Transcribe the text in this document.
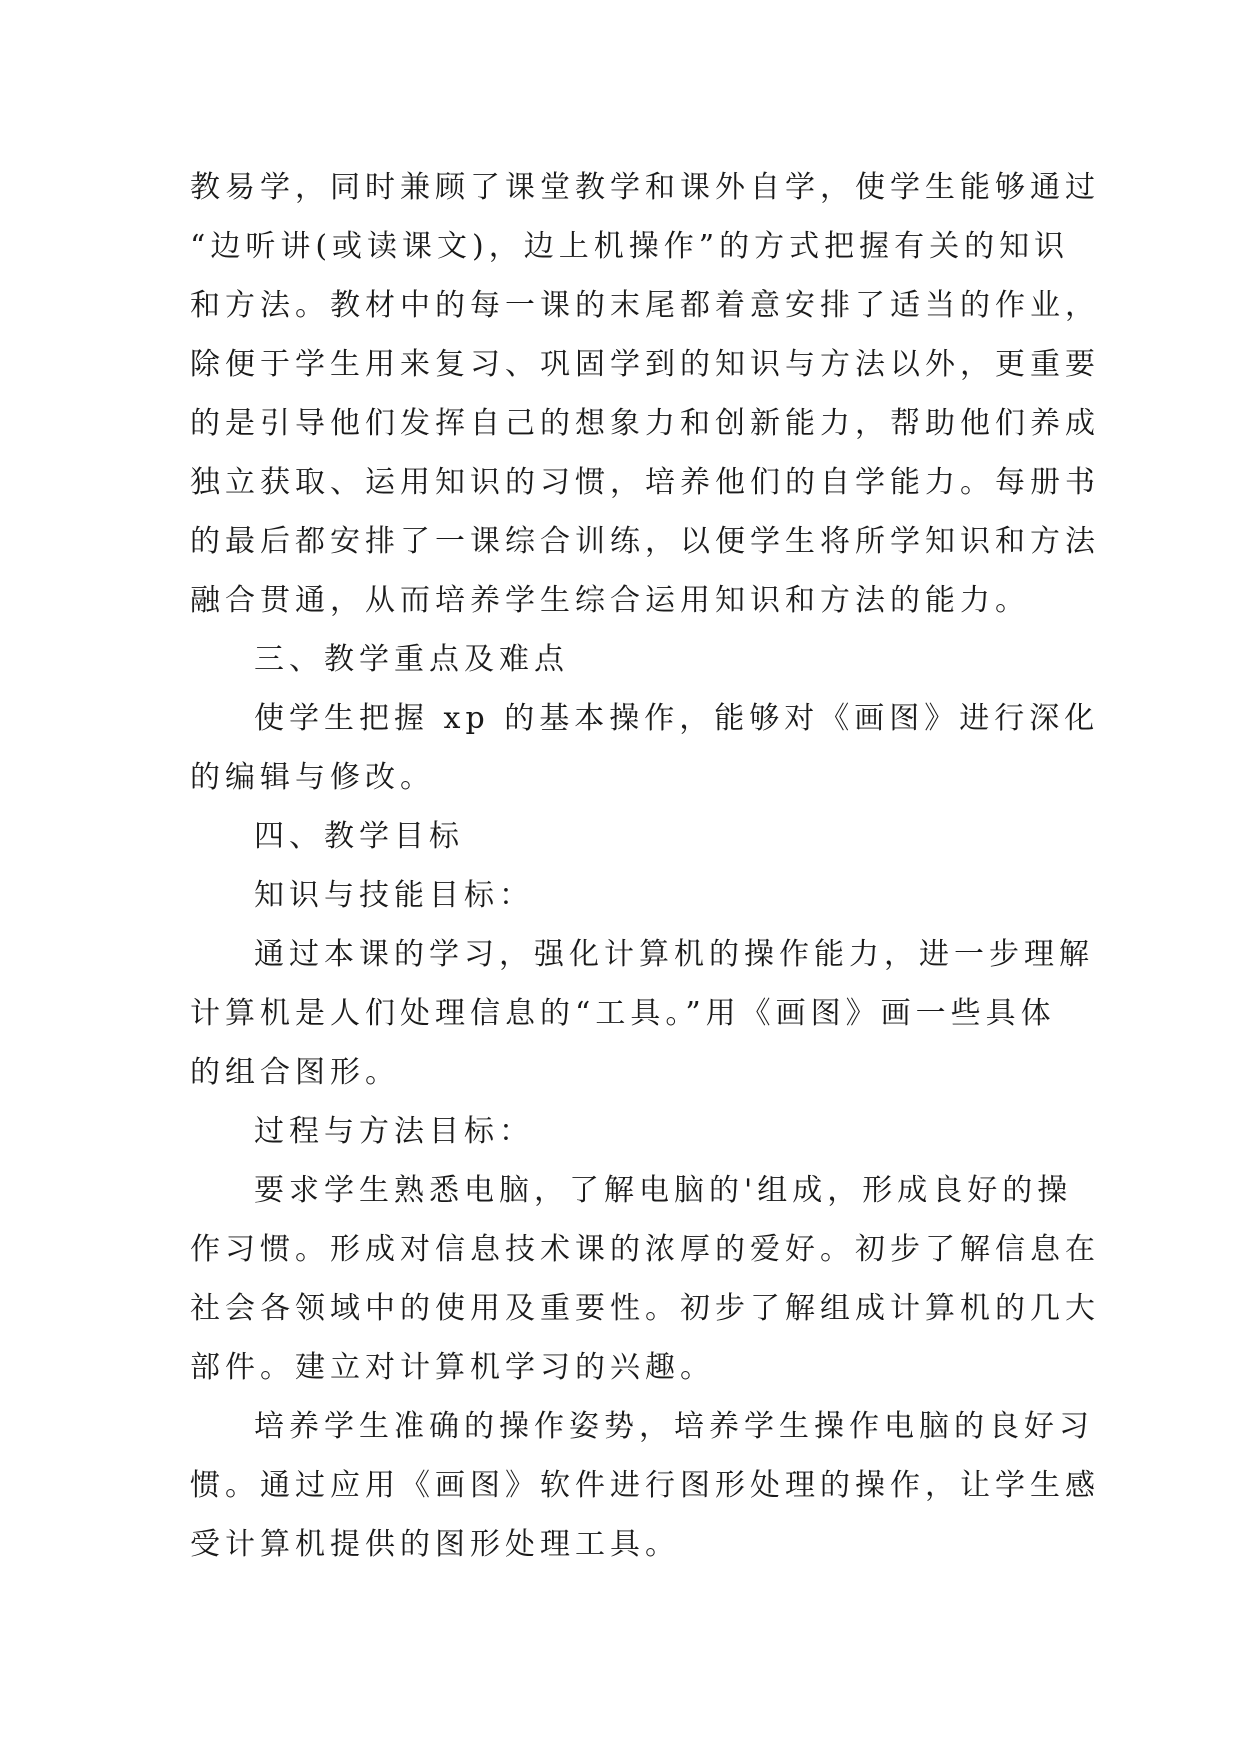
教易学，同时兼顾了课堂教学和课外自学，使学生能够通过
“边听讲(或读课文)，边上机操作”的方式把握有关的知识
和方法。教材中的每一课的末尾都着意安排了适当的作业，
除便于学生用来复习、巩固学到的知识与方法以外，更重要
的是引导他们发挥自己的想象力和创新能力，帮助他们养成
独立获取、运用知识的习惯，培养他们的自学能力。每册书
的最后都安排了一课综合训练，以便学生将所学知识和方法
融合贯通，从而培养学生综合运用知识和方法的能力。
三、教学重点及难点
使学生把握 xp 的基本操作，能够对《画图》进行深化
的编辑与修改。
四、教学目标
知识与技能目标：
通过本课的学习，强化计算机的操作能力，进一步理解
计算机是人们处理信息的“工具。”用《画图》画一些具体
的组合图形。
过程与方法目标：
要求学生熟悉电脑，了解电脑的'组成，形成良好的操
作习惯。形成对信息技术课的浓厚的爱好。初步了解信息在
社会各领域中的使用及重要性。初步了解组成计算机的几大
部件。建立对计算机学习的兴趣。
培养学生准确的操作姿势，培养学生操作电脑的良好习
惯。通过应用《画图》软件进行图形处理的操作，让学生感
受计算机提供的图形处理工具。
